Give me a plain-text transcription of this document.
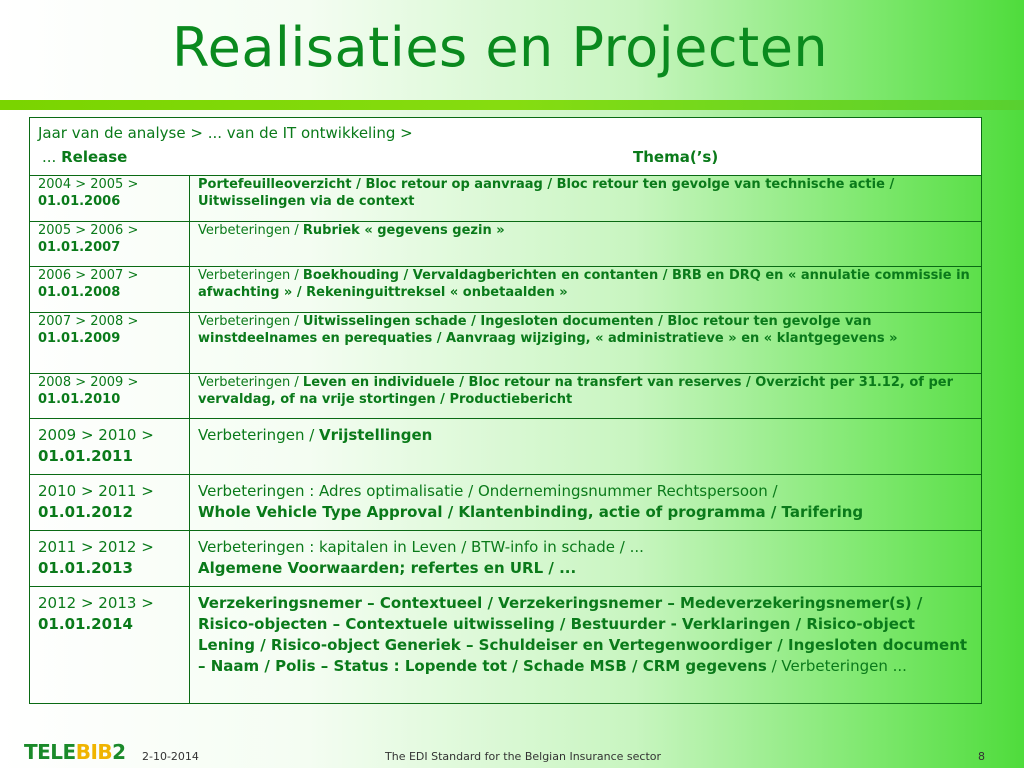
Realisaties en Projecten
Jaar van de analyse > ... van de IT ontwikkeling >
... Release Thema(’s)	

2004 > 2005 >
01.01.2006	Portefeuilleoverzicht / Bloc retour op aanvraag / Bloc retour ten gevolge van technische actie / Uitwisselingen via de context
2005 > 2006 >
01.01.2007	Verbeteringen / Rubriek « gegevens gezin »
2006 > 2007 >
01.01.2008	Verbeteringen / Boekhouding / Vervaldagberichten en contanten / BRB en DRQ en « annulatie commissie in afwachting » / Rekeninguittreksel « onbetaalden »
2007 > 2008 >
01.01.2009	Verbeteringen / Uitwisselingen schade / Ingesloten documenten / Bloc retour ten gevolge van winstdeelnames en perequaties / Aanvraag wijziging, « administratieve » en « klantgegevens »
2008 > 2009 >
01.01.2010	Verbeteringen / Leven en individuele / Bloc retour na transfert van reserves / Overzicht per 31.12, of per vervaldag, of na vrije stortingen / Productiebericht
2009 > 2010 >
01.01.2011	Verbeteringen / Vrijstellingen
2010 > 2011 >
01.01.2012	Verbeteringen : Adres optimalisatie / Ondernemingsnummer Rechtspersoon /
Whole Vehicle Type Approval / Klantenbinding, actie of programma / Tarifering
2011 > 2012 >
01.01.2013	Verbeteringen : kapitalen in Leven / BTW-info in schade / ...
Algemene Voorwaarden; refertes en URL / ...
2012 > 2013 >
01.01.2014	Verzekeringsnemer – Contextueel / Verzekeringsnemer – Medeverzekeringsnemer(s) / Risico-objecten – Contextuele uitwisseling / Bestuurder - Verklaringen / Risico-object Lening / Risico-object Generiek – Schuldeiser en Vertegenwoordiger / Ingesloten document – Naam / Polis – Status : Lopende tot / Schade MSB / CRM gegevens / Verbeteringen ...
TELEBIB2 2-10-2014	The EDI Standard for the Belgian Insurance sector	8
